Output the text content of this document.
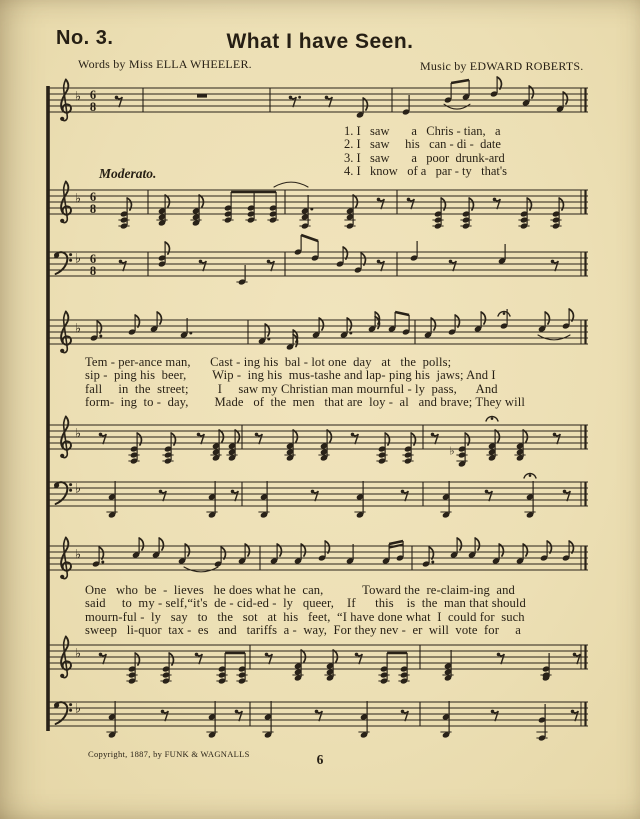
No. 3.	What I have Seen.
Words by Miss ELLA WHEELER.	Music by EDWARD ROBERTS.
1. I   saw       a   Chris - tian,   a
2. I   saw     his   can - di -  date
3. I   saw       a   poor  drunk-ard
4. I   know   of a   par - ty   that's
Moderato.
Tem - per-ance man,      Cast - ing his  bal - lot one  day   at   the  polls;
sip -  ping his  beer,        Wip -  ing his  mus-tashe and lap- ping his  jaws; And I
fall     in  the  street;         I     saw my Christian man mournful - ly  pass,      And
form-  ing  to -  day,        Made   of  the  men   that are  loy -  al   and brave; They will
One   who  be  -  lieves   he does what he  can,            Toward the  re-claim-ing  and
said     to  my - self,“it's  de - cid-ed -  ly   queer,    If      this    is  the  man that should
mourn-ful -  ly   say   to   the   sot   at  his   feet,  “I have done what  I  could for  such
sweep   li-quor  tax -  es   and   tariffs  a -  way,  For they nev -  er  will  vote  for     a
Copyright, 1887, by FUNK & WAGNALLS	6
♭ 6
8
♭ 6
8
♭ 6
8
♭
♭
♭
♭
♭
♭
♭
